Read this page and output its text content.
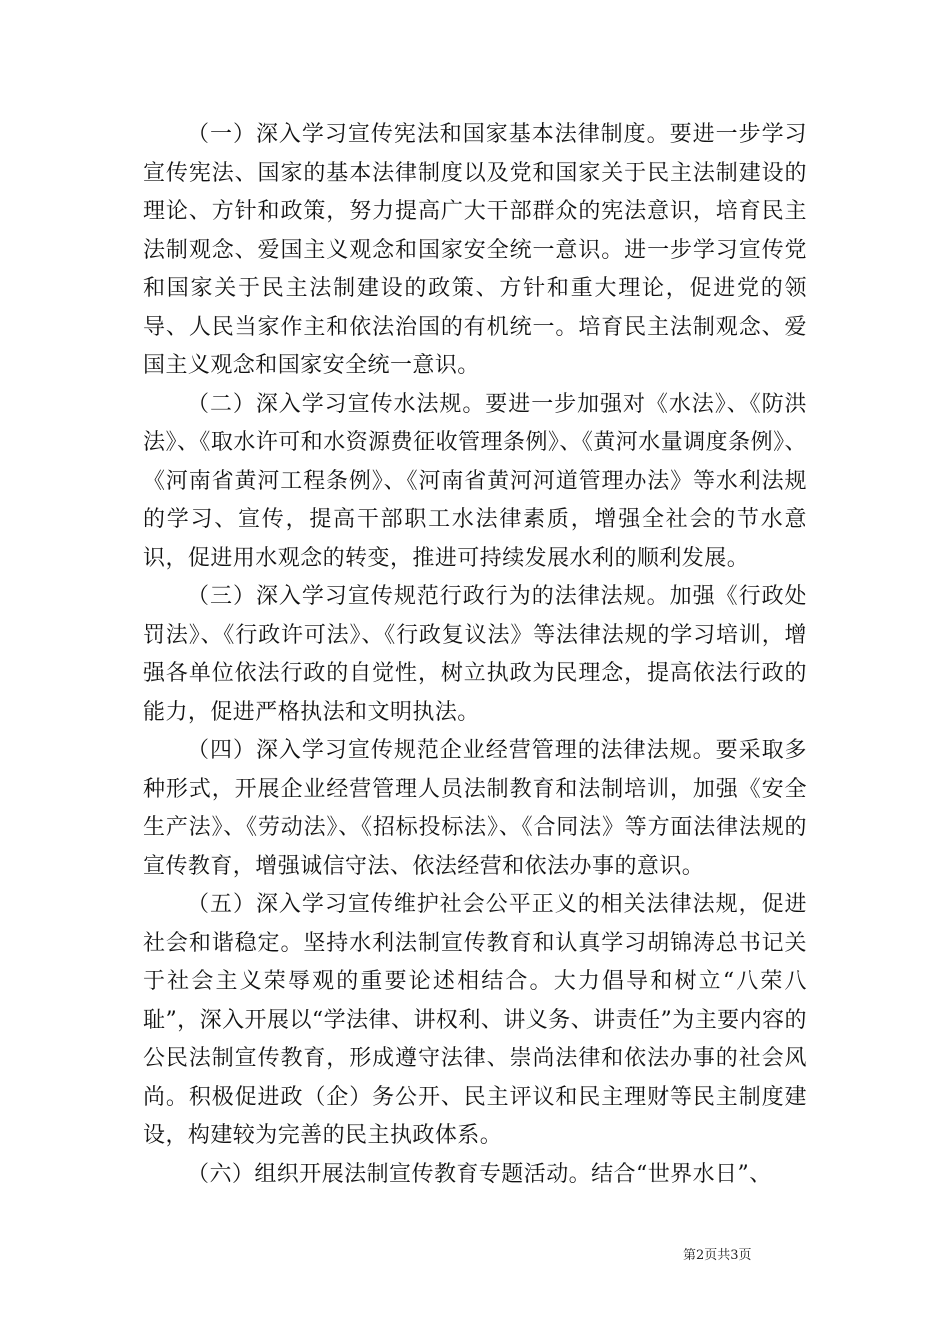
（一）深入学习宣传宪法和国家基本法律制度。要进一步学习宣传宪法、国家的基本法律制度以及党和国家关于民主法制建设的理论、方针和政策，努力提高广大干部群众的宪法意识，培育民主法制观念、爱国主义观念和国家安全统一意识。进一步学习宣传党和国家关于民主法制建设的政策、方针和重大理论，促进党的领导、人民当家作主和依法治国的有机统一。培育民主法制观念、爱国主义观念和国家安全统一意识。

（二）深入学习宣传水法规。要进一步加强对《水法》、《防洪法》、《取水许可和水资源费征收管理条例》、《黄河水量调度条例》、《河南省黄河工程条例》、《河南省黄河河道管理办法》等水利法规的学习、宣传，提高干部职工水法律素质，增强全社会的节水意识，促进用水观念的转变，推进可持续发展水利的顺利发展。

（三）深入学习宣传规范行政行为的法律法规。加强《行政处罚法》、《行政许可法》、《行政复议法》等法律法规的学习培训，增强各单位依法行政的自觉性，树立执政为民理念，提高依法行政的能力，促进严格执法和文明执法。

（四）深入学习宣传规范企业经营管理的法律法规。要采取多种形式，开展企业经营管理人员法制教育和法制培训，加强《安全生产法》、《劳动法》、《招标投标法》、《合同法》等方面法律法规的宣传教育，增强诚信守法、依法经营和依法办事的意识。

（五）深入学习宣传维护社会公平正义的相关法律法规，促进社会和谐稳定。坚持水利法制宣传教育和认真学习胡锦涛总书记关于社会主义荣辱观的重要论述相结合。大力倡导和树立“八荣八耻”，深入开展以“学法律、讲权利、讲义务、讲责任”为主要内容的公民法制宣传教育，形成遵守法律、崇尚法律和依法办事的社会风尚。积极促进政（企）务公开、民主评议和民主理财等民主制度建设，构建较为完善的民主执政体系。

（六）组织开展法制宣传教育专题活动。结合“世界水日”、

第2页共3页
